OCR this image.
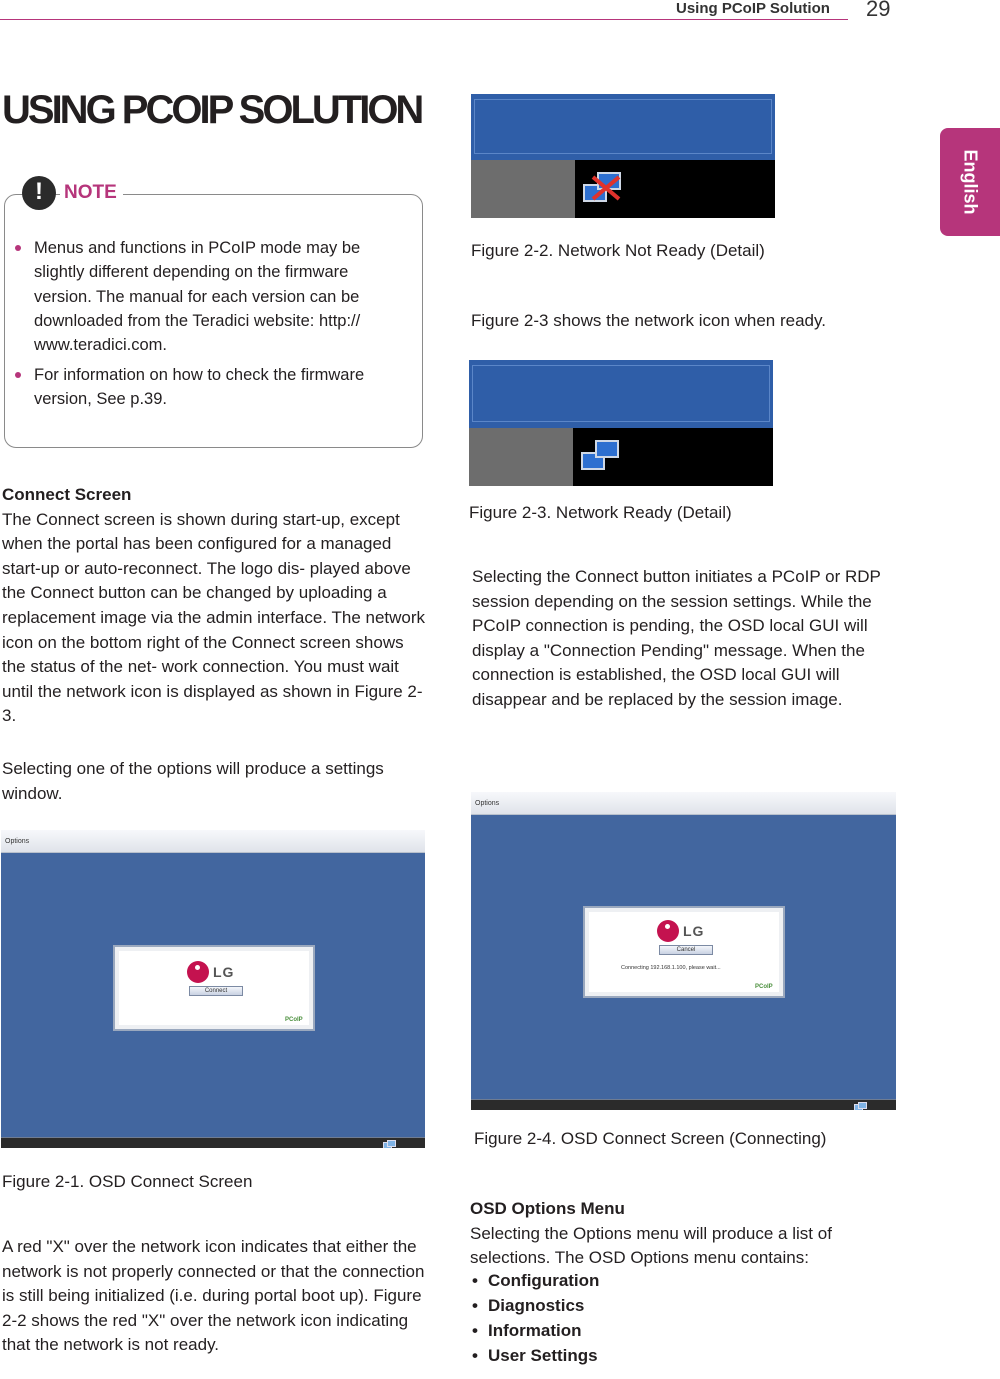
Using PCoIP Solution 29
English
USING PCOIP SOLUTION
!
NOTE
Menus and functions in PCoIP mode may be slightly different depending on the firmware version. The manual for each version can be downloaded from the Teradici website: http:// www.teradici.com.
For information on how to check the firmware version, See p.39.
Connect Screen
The Connect screen is shown during start-up, except when the portal has been configured for a managed start-up or auto-reconnect. The logo dis- played above the Connect button can be changed by uploading a replacement image via the admin interface. The network icon on the bottom right of the Connect screen shows the status of the net- work connection. You must wait until the network icon is displayed as shown in Figure 2-3.
Selecting one of the options will produce a settings window.
Options
LG
Connect
PCoIP
Figure 2-1. OSD Connect Screen
A red "X" over the network icon indicates that either the network is not properly connected or that the connection is still being initialized (i.e. during portal boot up). Figure 2-2 shows the red "X" over the network icon indicating that the network is not ready.
Figure 2-2. Network Not Ready (Detail)
Figure 2-3 shows the network icon when ready.
Figure 2-3. Network Ready (Detail)
Selecting the Connect button initiates a PCoIP or RDP session depending on the session settings. While the PCoIP connection is pending, the OSD local GUI will display a "Connection Pending" message. When the connection is established, the OSD local GUI will disappear and be replaced by the session image.
Options
LG
Cancel
Connecting 192.168.1.100, please wait...
PCoIP
Figure 2-4. OSD Connect Screen (Connecting)
OSD Options Menu
Selecting the Options menu will produce a list of selections. The OSD Options menu contains:
• Configuration
• Diagnostics
• Information
• User Settings
